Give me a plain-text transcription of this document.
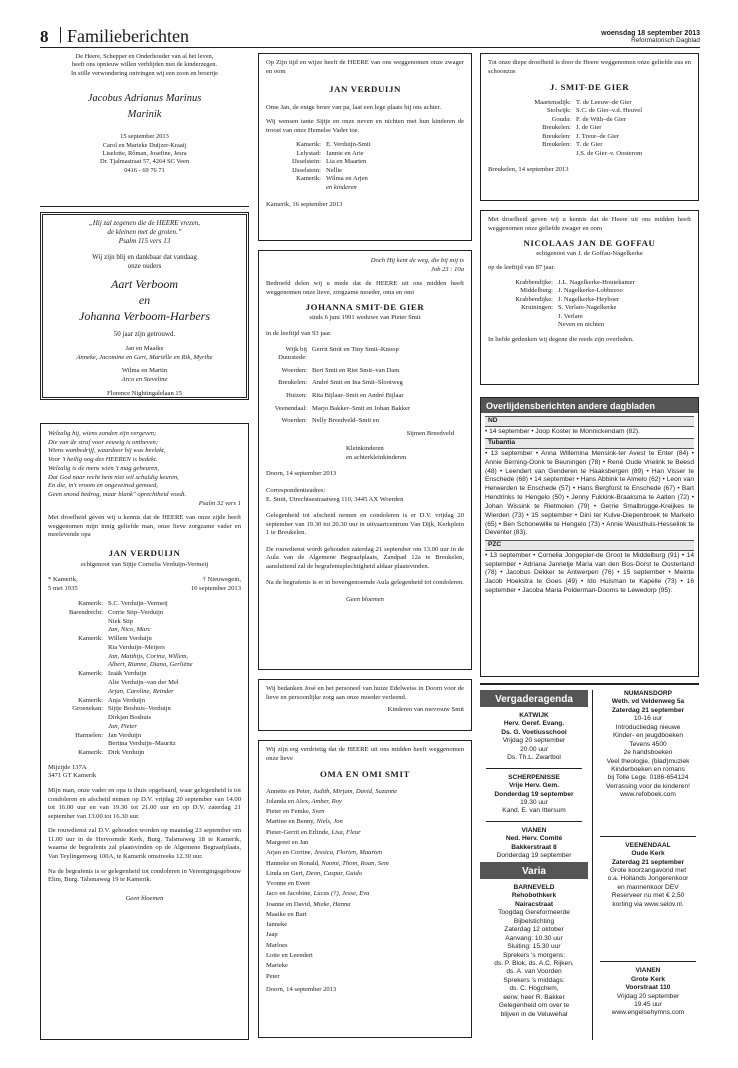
8 Familieberichten	woensdag 18 september 2013
Reformatorisch Dagblad
De Heere, Schepper en Onderhouder van al het leven,
heeft ons opnieuw willen verblijden met de kinderzegen.
In stille verwondering ontvingen wij een zoon en broertje
Jacobus Adrianus Marinus
Marinik
15 september 2013
Carol en Marieke Duijzer-Kraaij
Liselotte, Rôman, Josefine, Jesra
Dr. Tjalmastraat 57, 4264 SC Veen
0416 - 69 76 71
„Hij zal zegenen die de HEERE vrezen,
de kleinen met de groten.”
Psalm 115 vers 13
Wij zijn blij en dankbaar dat vandaag
onze ouders
Aart Verboom
en
Johanna Verboom-Harbers
50 jaar zijn getrouwd.
Jan en Maaike
Anneke, Jacomine en Gert, Mariëlle en Rik, Myrthe
Wilma en Martin
Arco en Steveline
Florence Nightingalelaan 15
Welzalig hij, wiens zonden zijn vergeven;
Die van de straf voor eeuwig is ontheven;
Wiens wanbedrijf, waardoor hij was bevlekt,
Voor 't heilig oog des HEEREN is bedekt.
Welzalig is de mens wien 't mag gebeuren,
Dat God naar recht hem niet wil schuldig keuren,
En die, in't vroom en ongeveinsd gemoed,
Geen snood bedrog, maar blank" oprechtheid voedt.
Psalm 32 vers 1
Met droefheid geven wij u kennis dat de HEERE van onze zijde heeft weggenomen mijn innig geliefde man, onze lieve zorgzame vader en meelevende opa
JAN VERDUIJN
echtgenoot van Sijtje Cornelia Verduijn-Vermeij
* Kamerik,
5 mei 1935
† Nieuwegein,
16 september 2013
Kamerik: S.C. Verduijn–Vermeij
Barendrecht: Corrie Stip–Verduijn
Niek Stip
Jan, Nico, Marc
Kamerik: Willem Verduijn
Ria Verduijn–Meijers
Jan, Matthijs, Corina, Willem,
Albert, Rianne, Diana, Gerliëne
Kamerik: Izaäk Verduijn
Alie Verduijn–van der Mel
Arjan, Caroline, Reinder
Kamerik: Anja Verduijn
Groenekan: Sijtje Boshuis–Verduijn
Dirkjan Boshuis
Jan, Pieter
Harmelen: Jan Verduijn
Bertina Verduijn–Mauritz
Kamerik: Dirk Verduijn
Mijzijde 137A
3471 GT Kamerik
Mijn man, onze vader en opa is thuis opgebaard, waar gelegenheid is tot condoleren en afscheid nemen op D.V. vrijdag 20 september van 14.00 tot 16.00 uur en van 19.30 tot 21.00 uur en op D.V. zaterdag 21 september van 13.00 tot 16.30 uur.
De rouwdienst zal D.V. gehouden worden op maandag 23 september om 11.00 uur in de Hervormde Kerk, Burg. Talsmaweg 18 te Kamerik, waarna de begrafenis zal plaatsvinden op de Algemene Begraafplaats, Van Teylingenweg 100A, te Kamerik omstreeks 12.30 uur.
Na de begrafenis is er gelegenheid tot condoleren in Verenigingsgebouw Elim, Burg. Talsmaweg 19 te Kamerik.
Geen bloemen
Op Zijn tijd en wijze heeft de HEERE van ons weggenomen onze zwager en oom
JAN VERDUIJN
Ome Jan, de enige broer van pa, laat een lege plaats bij ons achter.
Wij wensen tante Sijtje en onze neven en nichten met hun kinderen de troost van onze Hemelse Vader toe.
Kamerik: E. Verduijn-Smit
Lelystad: Jannie en Arie
IJsselstein: Lia en Maarten
IJsselstein: Nellie
Kamerik: Wilma en Arjen
en kinderen
Kamerik, 16 september 2013
Doch Hij kent de weg, die bij mij is
Job 23 : 10a
Bedroefd delen wij u mede dat de HEERE uit ons midden heeft weggenomen onze lieve, zorgzame moeder, oma en omi
JOHANNA SMIT-DE GIER
sinds 6 juni 1991 weduwe van Pieter Smit
in de leeftijd van 93 jaar.
Wijk bij Duurstede:
Gerrit Smit en Tiny Smit–Knoop
Woerden: Bert Smit en Riet Smit–van Dam
Breukelen: André Smit en Ina Smit–Slootweg
Huizen: Rita Bijlaar–Smit en André Bijlaar
Veenendaal: Marjo Bakker–Smit en Johan Bakker
Woerden: Nelly Breedveld–Smit en
Sijmen Breedveld
Kleinkinderen
en achterkleinkinderen
Doorn, 14 september 2013
Correspondentieadres:
E. Smit, Utrechtsestraatweg 110, 3445 AX Woerden
Gelegenheid tot afscheid nemen en condoleren is er D.V. vrijdag 20 september van 19.30 tot 20.30 uur in uitvaartcentrum Van Dijk, Kerkplein 1 te Breukelen.
De rouwdienst wordt gehouden zaterdag 21 september om 13.00 uur in de Aula van de Algemene Begraafplaats, Zandpad 12a te Breukelen, aansluitend zal de begrafenisplechtigheid aldaar plaatsvinden.
Na de begrafenis is er in bovengenoemde Aula gelegenheid tot condoleren.
Geen bloemen
Wij bedanken José en het personeel van huize Edelweiss in Doorn voor de lieve en persoonlijke zorg aan onze moeder verleend.
Kinderen van mevrouw Smit
Wij zijn erg verdrietig dat de HEERE uit ons midden heeft weggenomen onze lieve
OMA EN OMI SMIT
Annette en Peter, Judith, Mirjam, David, Suzanne
Jolanda en Alex, Amber, Roy
Pieter en Femke, Sven
Martine en Benny, Niels, Jon
Pieter-Gerrit en Erlinde, Lisa, Fleur
Margreet en Jan
Arjan en Corrine, Jessica, Florien, Maarten
Hanneke en Ronald, Naomi, Thom, Roan, Sem
Linda en Gert, Deon, Caspar, Guido
Yvonne en Evert
Jaco en Jacobine, Lucas (†), Jesse, Eva
Joanne en David, Mieke, Hanna
Maaike en Bart
Janneke
Jaap
Marloes
Lotte en Leendert
Marieke
Peter
Doorn, 14 september 2013
Tot onze diepe droefheid is door de Heere weggenomen onze geliefde zus en schoonzus
J. SMIT-DE GIER
Maartensdijk: T. de Leeuw–de Gier
Stolwijk: S.C. de Gier–v.d. Heuvel
Gouda: F. de With–de Gier
Breukelen: J. de Gier
Breukelen: J. Treur–de Gier
Breukelen: T. de Gier
J.S. de Gier–v. Oosterom
Breukelen, 14 september 2013
Met droefheid geven wij u kennis dat de Heere uit ons midden heeft weggenomen onze geliefde zwager en oom
NICOLAAS JAN DE GOFFAU
echtgenoot van J. de Goffau-Nagelkerke
op de leeftijd van 87 jaar.
Krabbendijke: J.L. Nagelkerke-Houtekamer
Middelburg: J. Nagelkerke-Lobbezoo
Krabbendijke: J. Nagelkerke-Heyboer
Kruiningen: S. Verlare-Nagelkerke
J. Verlare
Neven en nichten
In liefde gedenken wij degene die reeds zijn overleden.
Overlijdensberichten andere dagbladen
ND
• 14 september • Joop Koster te Monnickendam (82).
Tubantia
• 13 september • Anna Willemina Mensink-ter Avest te Enter (84) • Annie Berning-Oonk te Beuningen (78) • René Oude Vrielink te Beesd (48) • Leendert van Genderen te Haaksbergen (89) • Han Visser te Enschede (68) • 14 september • Hans Abbink te Almelo (62) • Leon van Herwerden te Enschede (57) • Hans Bergforst te Enschede (67) • Bart Hendrinks te Hengelo (50) • Jenny Fukkink-Braaksma te Aalten (72) • Johan Wissink te Rietmolen (79) • Gerrie Smalbrugge-Kreijkes te Wierden (73) • 15 september • Dini ter Kulve-Diepenbroek te Markelo (65) • Ben Schonewille te Hengelo (73) • Annie Weusthuis-Hesselink te Deventer (83).
PZC
• 13 september • Cornelia Jongepier-de Groot te Middelburg (91) • 14 september • Adriana Jannetje Maria van den Bos-Dorst te Oosterland (78) • Jacobus Dekker te Antwerpen (76) • 15 september • Meinte Jacob Hoekstra te Goes (49) • Ido Huisman te Kapelle (73) • 16 september • Jacoba Maria Polderman-Dooms te Lewedorp (95).
Vergaderagenda
KATWIJK
Herv. Geref. Evang.
Ds. G. Voetiusschool
Vrijdag 20 september
20.00 uur
Ds. Th.L. Zwartbol
SCHERPENISSE
Vrije Herv. Gem.
Donderdag 19 september
19.30 uur
Kand. E. van Ittersum
VIANEN
Ned. Herv. Comité
Bakkerstraat 8
Donderdag 19 september
Varia
BARNEVELD
Rehobothkerk
Nairacstraat
Toogdag Gereformeerde
Bijbelstichting
Zaterdag 12 oktober
Aanvang: 10.30 uur
Sluiting: 15.30 uur
Sprekers 's morgens:
ds. P. Blok, ds. A.C. Rijken,
ds. A. van Voorden
Sprekers 's middags:
ds. C. Hogchem,
eerw. heer R. Bakker
Gelegenheid om over te
blijven in de Veluwehal
NUMANSDORP
Weth. vd Veldenweg 5a
Zaterdag 21 september
10-16 uur
Introductiedag nieuwe
Kinder- en jeugdboeken
Tevens 4500
2e handsboeken
Veel theologie, (blad)muziek
Kinderboeken en romans
bij Tolle Lege. 0186-654124
Verrassing voor de kinderen!
www.refoboek.com
VEENENDAAL
Oude Kerk
Zaterdag 21 september
Grote koorzangavond met
o.a. Hollands Jongerenkoor
en mannenkoor DEV
Reserveer nu met € 2,50
korting via www.selov.nl.
VIANEN
Grote Kerk
Voorstraat 110
Vrijdag 20 september
19.45 uur
www.engelsehymns.com
